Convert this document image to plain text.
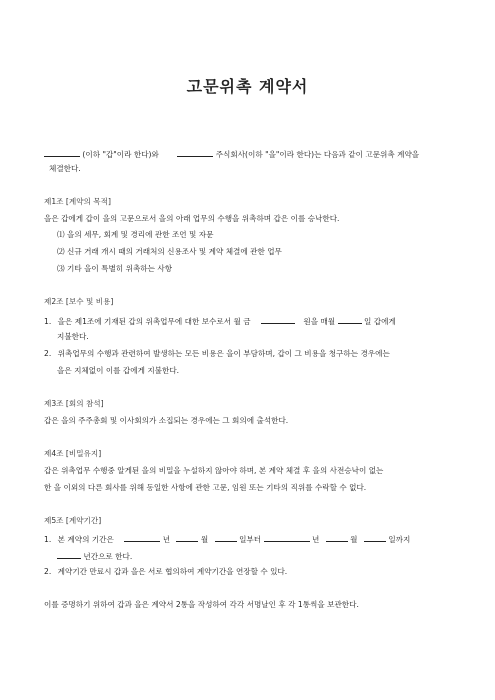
고문위촉 계약서
(이하 "갑"이라 한다)와	주식회사(이하 "을"이라 한다)는 다음과 같이 고문위촉 계약을
체결한다.
제1조 [계약의 목적]
을은 갑에게 갑이 을의 고문으로서 을의 아래 업무의 수행을 위촉하며 갑은 이를 승낙한다.
⑴ 을의 세무, 회계 및 경리에 관한 조언 및 자문
⑵ 신규 거래 개시 때의 거래처의 신용조사 및 계약 체결에 관한 업무
⑶ 기타 을이 특별히 위촉하는 사항
제2조 [보수 및 비용]
1. 을은 제1조에 기재된 갑의 위촉업무에 대한 보수로서 월 금	원을 매월	일 갑에게
지불한다.
2. 위촉업무의 수행과 관련하여 발생하는 모든 비용은 을이 부담하며, 갑이 그 비용을 청구하는 경우에는
을은 지체없이 이를 갑에게 지불한다.
제3조 [회의 참석]
갑은 을의 주주총회 및 이사회의가 소집되는 경우에는 그 회의에 출석한다.
제4조 [비밀유지]
갑은 위촉업무 수행중 알게된 을의 비밀을 누설하지 않아야 하며, 본 계약 체결 후 을의 사전승낙이 없는
한 을 이외의 다른 회사를 위해 동일한 사항에 관한 고문, 임원 또는 기타의 직위를 수락할 수 없다.
제5조 [계약기간]
1. 본 계약의 기간은	년	월	일부터	년	월	일까지
년간으로 한다.
2. 계약기간 만료시 갑과 을은 서로 협의하여 계약기간을 연장할 수 있다.
이를 증명하기 위하여 갑과 을은 계약서 2통을 작성하여 각각 서명날인 후 각 1통씩을 보관한다.
